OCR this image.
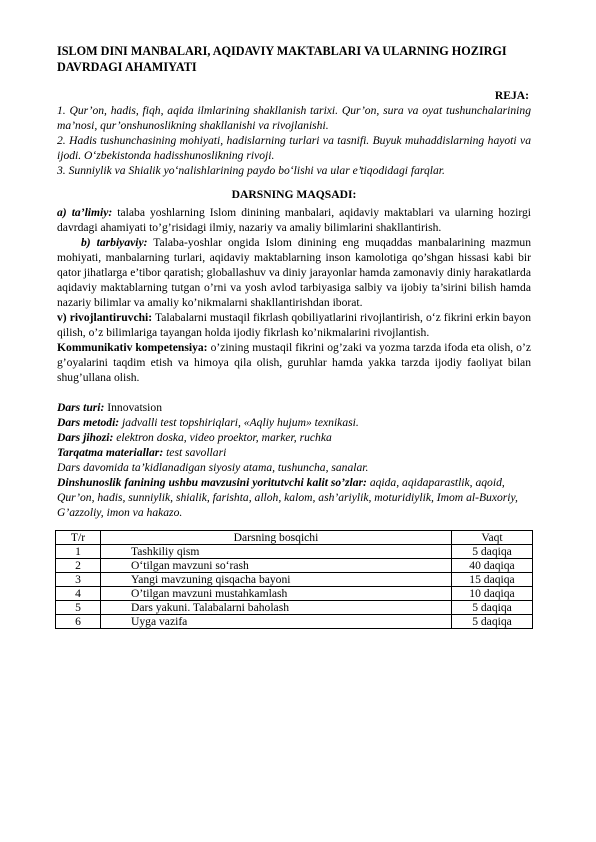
ISLOM DINI MANBALARI, AQIDAVIY MAKTABLARI VA ULARNING HOZIRGI DAVRDAGI AHAMIYATI

REJA:
1. Qur’on, hadis, fiqh, aqida ilmlarining shakllanish tarixi. Qur’on, sura va oyat tushunchalarining ma’nosi, qur’onshunoslikning shakllanishi va rivojlanishi.
2. Hadis tushunchasining mohiyati, hadislarning turlari va tasnifi. Buyuk muhaddislarning hayoti va ijodi. O‘zbekistonda hadisshunoslikning rivoji.
3. Sunniylik va Shialik yo‘nalishlarining paydo bo‘lishi va ular e’tiqodidagi farqlar.
DARSNING MAQSADI:

a) ta’limiy: talaba yoshlarning Islom dinining manbalari, aqidaviy maktablari va ularning hozirgi davrdagi ahamiyati to’g’risidagi ilmiy, nazariy va amaliy bilimlarini shakllantirish.

b) tarbiyaviy: Talaba-yoshlar ongida Islom dinining eng muqaddas manbalarining mazmun mohiyati, manbalarning turlari, aqidaviy maktablarning inson kamolotiga qo’shgan hissasi kabi bir qator jihatlarga e’tibor qaratish; globallashuv va diniy jarayonlar hamda zamonaviy diniy harakatlarda aqidaviy maktablarning tutgan o’rni va yosh avlod tarbiyasiga salbiy va ijobiy ta’sirini bilish hamda nazariy bilimlar va amaliy ko’nikmalarni shakllantirishdan iborat.

v) rivojlantiruvchi: Talabalarni mustaqil fikrlash qobiliyatlarini rivojlantirish, o‘z fikrini erkin bayon qilish, o’z bilimlariga tayangan holda ijodiy fikrlash ko’nikmalarini rivojlantish.

Kommunikativ kompetensiya: o’zining mustaqil fikrini og’zaki va yozma tarzda ifoda eta olish, o’z g’oyalarini taqdim etish va himoya qila olish, guruhlar hamda yakka tarzda ijodiy faoliyat bilan shug’ullana olish.

Dars turi: Innovatsion

Dars metodi: jadvalli test topshiriqlari, «Aqliy hujum» texnikasi.

Dars jihozi: elektron doska, video proektor, marker, ruchka

Tarqatma materiallar: test savollari

Dars davomida ta’kidlanadigan siyosiy atama, tushuncha, sanalar.

Dinshunoslik fanining ushbu mavzusini yoritutvchi kalit so’zlar: aqida, aqidaparastlik, aqoid, Qur’on, hadis, sunniylik, shialik, farishta, alloh, kalom, ash’ariylik, moturidiylik, Imom al-Buxoriy, G’azzoliy, imon va hakazo.

T/r	Darsning bosqichi	Vaqt
1	Tashkiliy qism	5 daqiqa
2	O‘tilgan mavzuni so‘rash	40 daqiqa
3	Yangi mavzuning qisqacha bayoni	15 daqiqa
4	O’tilgan mavzuni mustahkamlash	10 daqiqa
5	Dars yakuni. Talabalarni baholash	5 daqiqa
6	Uyga vazifa	5 daqiqa
